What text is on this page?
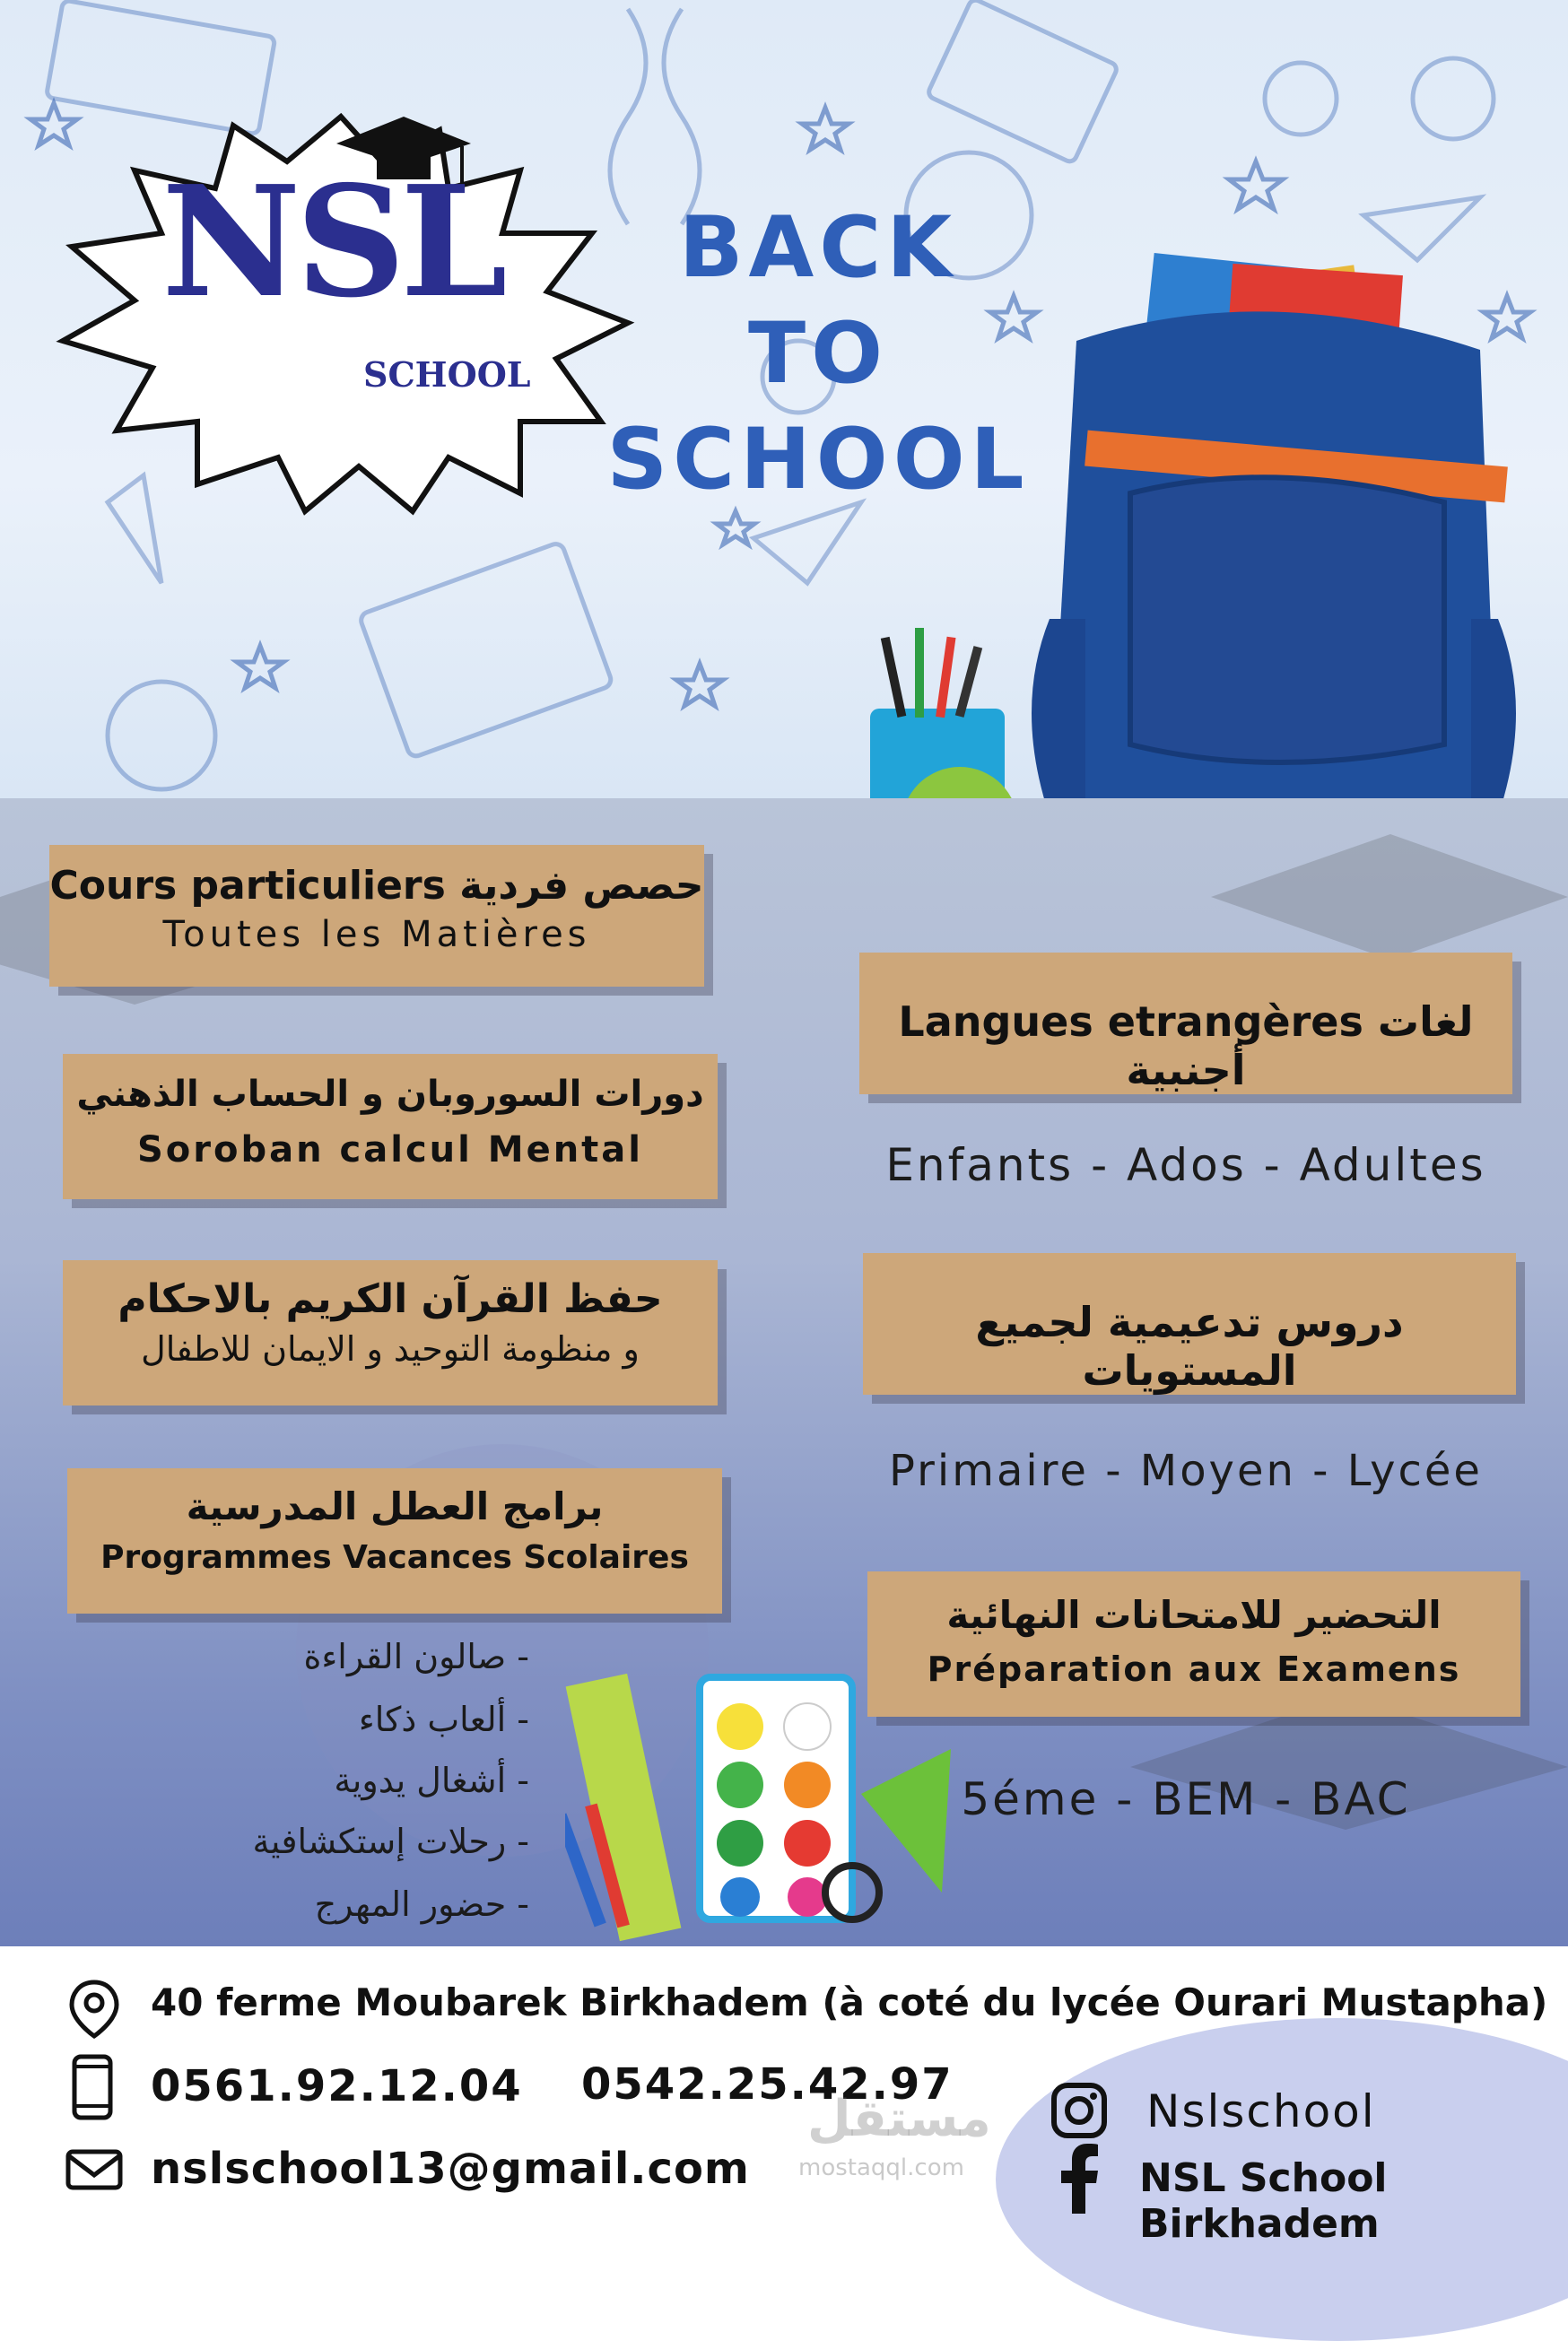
NSL
SCHOOL
BACK
TO
SCHOOL
Cours particuliers حصص فردية
Toutes les Matières
دورات السوروبان و الحساب الذهني
Soroban calcul Mental
حفظ القرآن الكريم بالاحكام
و منظومة التوحيد و الايمان للاطفال
برامج العطل المدرسية
Programmes Vacances Scolaires
- صالون القراءة
- ألعاب ذكاء
- أشغال يدوية
- رحلات إستكشافية
- حضور المهرج
Langues etrangères لغات أجنبية
Enfants - Ados - Adultes
دروس تدعيمية لجميع المستويات
Primaire - Moyen - Lycée
التحضير للامتحانات النهائية
Préparation aux Examens
5éme - BEM - BAC
40 ferme Moubarek Birkhadem (à coté du lycée Ourari Mustapha)
0561.92.12.04 0542.25.42.97
nslschool13@gmail.com
Nslschool
NSL School Birkhadem
مستقل
mostaqql.com
